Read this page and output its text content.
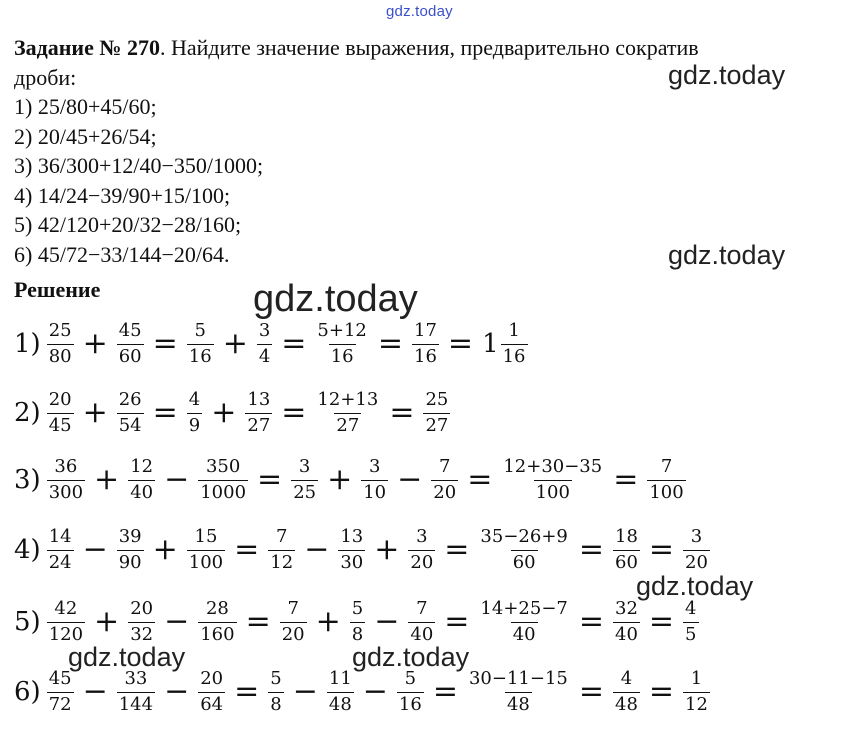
gdz.today
Задание № 270. Найдите значение выражения, предварительно сократив
дроби:
1) 25/80+45/60;
2) 20/45+26/54;
3) 36/300+12/40−350/1000;
4) 14/24−39/90+15/100;
5) 42/120+20/32−28/160;
6) 45/72−33/144−20/64.
Решение
$1) \frac{25}{80} + \frac{45}{60} = \frac{5}{16} + \frac{3}{4} = \frac{5+12}{16} = \frac{17}{16} = 1 \frac{1}{16}$
$2) \frac{20}{45} + \frac{26}{54} = \frac{4}{9} + \frac{13}{27} = \frac{12+13}{27} = \frac{25}{27}$
$3) \frac{36}{300} + \frac{12}{40} - \frac{350}{1000} = \frac{3}{25} + \frac{3}{10} - \frac{7}{20} = \frac{12+30-35}{100} = \frac{7}{100}$
$4) \frac{14}{24} - \frac{39}{90} + \frac{15}{100} = \frac{7}{12} - \frac{13}{30} + \frac{3}{20} = \frac{35-26+9}{60} = \frac{18}{60} = \frac{3}{20}$
$5) \frac{42}{120} + \frac{20}{32} - \frac{28}{160} = \frac{7}{20} + \frac{5}{8} - \frac{7}{40} = \frac{14+25-7}{40} = \frac{32}{40} = \frac{4}{5}$
$6) \frac{45}{72} - \frac{33}{144} - \frac{20}{64} = \frac{5}{8} - \frac{11}{48} - \frac{5}{16} = \frac{30-11-15}{48} = \frac{4}{48} = \frac{1}{12}$
gdz.today
gdz.today
gdz.today
gdz.today
gdz.today	gdz.today
